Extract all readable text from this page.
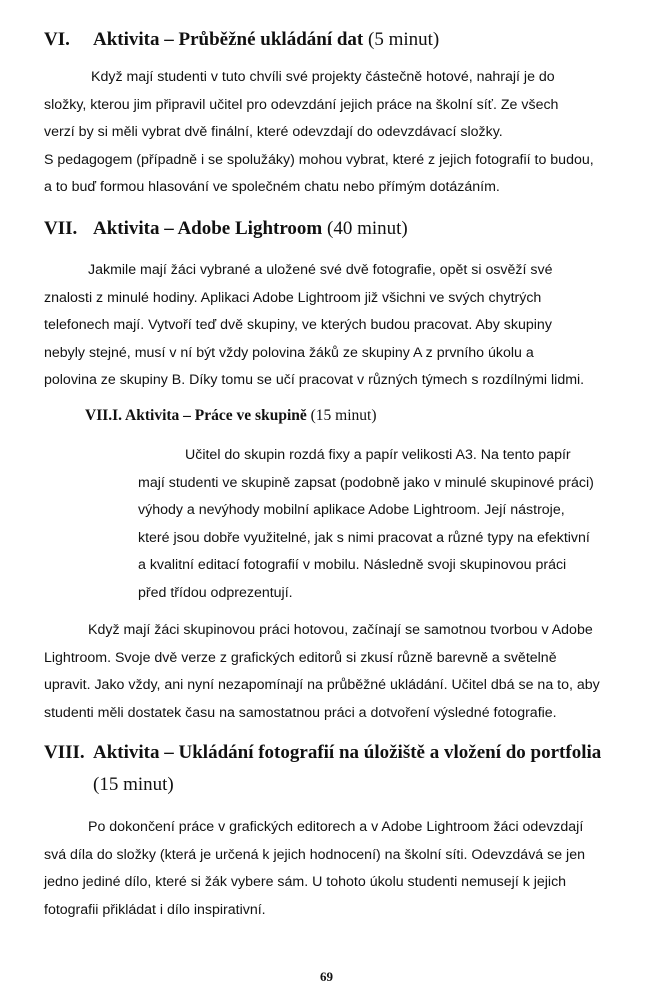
VI. Aktivita – Průběžné ukládání dat (5 minut)
Když mají studenti v tuto chvíli své projekty částečně hotové, nahrají je do
složky, kterou jim připravil učitel pro odevzdání jejich práce na školní síť. Ze všech
verzí by si měli vybrat dvě finální, které odevzdají do odevzdávací složky.
S pedagogem (případně i se spolužáky) mohou vybrat, které z jejich fotografií to budou,
a to buď formou hlasování ve společném chatu nebo přímým dotázáním.
VII. Aktivita – Adobe Lightroom (40 minut)
Jakmile mají žáci vybrané a uložené své dvě fotografie, opět si osvěží své
znalosti z minulé hodiny. Aplikaci Adobe Lightroom již všichni ve svých chytrých
telefonech mají. Vytvoří teď dvě skupiny, ve kterých budou pracovat. Aby skupiny
nebyly stejné, musí v ní být vždy polovina žáků ze skupiny A z prvního úkolu a
polovina ze skupiny B. Díky tomu se učí pracovat v různých týmech s rozdílnými lidmi.
VII.I. Aktivita – Práce ve skupině (15 minut)
Učitel do skupin rozdá fixy a papír velikosti A3. Na tento papír
mají studenti ve skupině zapsat (podobně jako v minulé skupinové práci)
výhody a nevýhody mobilní aplikace Adobe Lightroom. Její nástroje,
které jsou dobře využitelné, jak s nimi pracovat a různé typy na efektivní
a kvalitní editací fotografií v mobilu. Následně svoji skupinovou práci
před třídou odprezentují.
Když mají žáci skupinovou práci hotovou, začínají se samotnou tvorbou v Adobe
Lightroom. Svoje dvě verze z grafických editorů si zkusí různě barevně a světelně
upravit. Jako vždy, ani nyní nezapomínají na průběžné ukládání. Učitel dbá se na to, aby
studenti měli dostatek času na samostatnou práci a dotvoření výsledné fotografie.
VIII. Aktivita – Ukládání fotografií na úložiště a vložení do portfolia
(15 minut)
Po dokončení práce v grafických editorech a v Adobe Lightroom žáci odevzdají
svá díla do složky (která je určená k jejich hodnocení) na školní síti. Odevzdává se jen
jedno jediné dílo, které si žák vybere sám. U tohoto úkolu studenti nemusejí k jejich
fotografii přikládat i dílo inspirativní.
69
